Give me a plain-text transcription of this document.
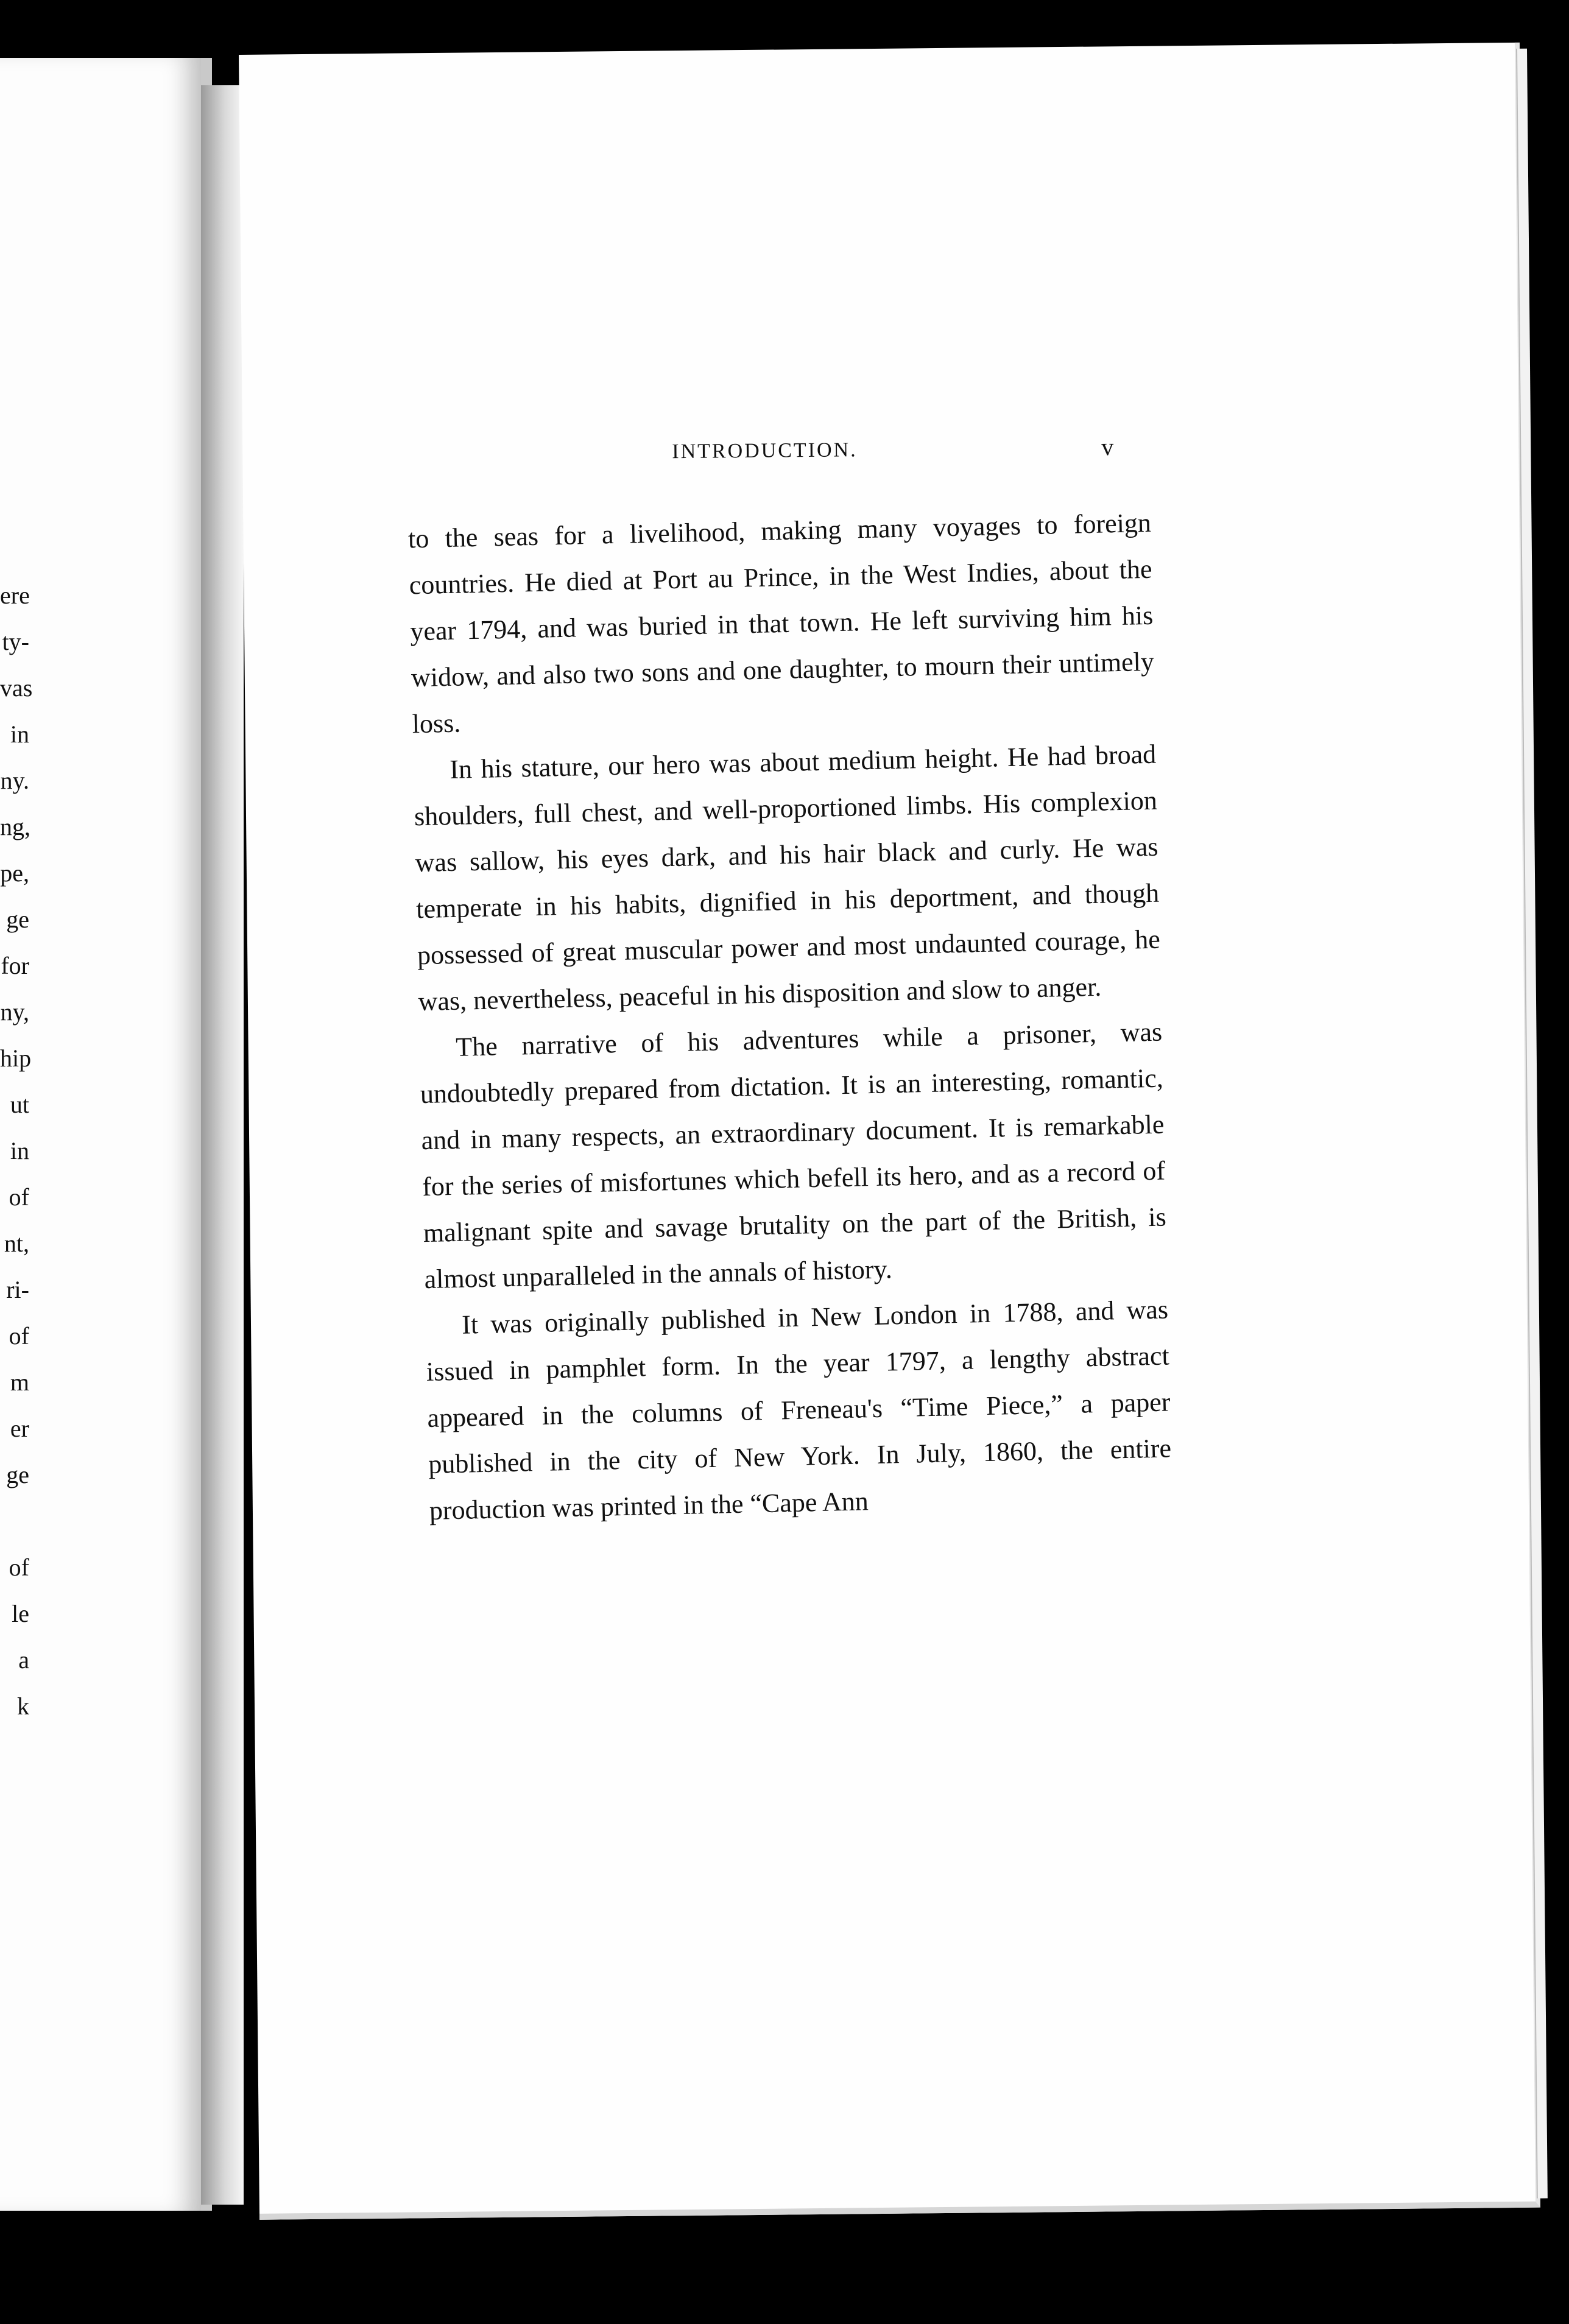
ere
ty-
vas
in
ny.
ng,
pe,
ge
for
ny,
hip
ut
in
of
nt,
ri-
of
m
er
ge
of
le
a
k
INTRODUCTION.	v

to the seas for a livelihood, making many voyages to foreign countries. He died at Port au Prince, in the West Indies, about the year 1794, and was buried in that town. He left surviving him his widow, and also two sons and one daughter, to mourn their untimely loss.

In his stature, our hero was about medium height. He had broad shoulders, full chest, and well-proportioned limbs. His complexion was sallow, his eyes dark, and his hair black and curly. He was temperate in his habits, dignified in his deportment, and though possessed of great muscular power and most undaunted courage, he was, nevertheless, peaceful in his disposition and slow to anger.

The narrative of his adventures while a prisoner, was undoubtedly prepared from dictation. It is an interesting, romantic, and in many respects, an extraordinary document. It is remarkable for the series of misfortunes which befell its hero, and as a record of malignant spite and savage brutality on the part of the British, is almost unparalleled in the annals of history.

It was originally published in New London in 1788, and was issued in pamphlet form. In the year 1797, a lengthy abstract appeared in the columns of Freneau's “Time Piece,” a paper published in the city of New York. In July, 1860, the entire production was printed in the “Cape Ann
